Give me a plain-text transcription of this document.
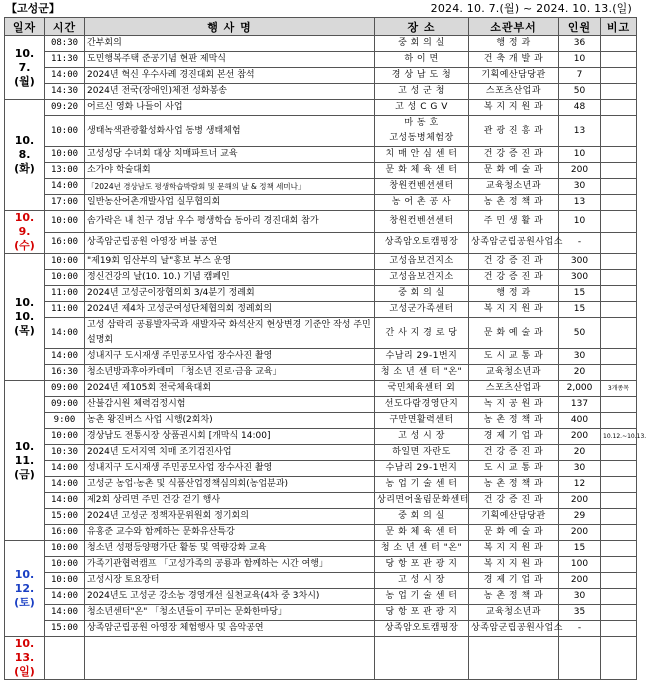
【고성군】	2024. 10. 7.(월) ~ 2024. 10. 13.(일)
일자	시간	행 사 명	장 소	소관부서	인원	비고
10. 7.
(월)	08:30	간부회의	중 회 의 실	행 정 과	36	
	11:30	도민행복주택 준공기념 현판 제막식	하 이 면	건 축 개 발 과	10	
	14:00	2024년 혁신 우수사례 경진대회 본선 참석	경 상 남 도 청	기획예산담당관	7	
	14:30	2024년 전국(장애인)체전 성화봉송	고 성 군 청	스포츠산업과	50	
10. 8.
(화)	09:20	어르신 영화 나들이 사업	고 성 C G V	복 지 지 원 과	48	
	10:00	생태녹색관광활성화사업 동병 생태체험	마 동 호
고성동병체험장	관 광 진 흥 과	13	
	10:00	고성성당 수녀회 대상 치매파트너 교육	치 매 안 심 센 터	건 강 증 진 과	10	
	13:00	소가야 학술대회	문 화 체 육 센 터	문 화 예 술 과	200	
	14:00	「2024년 경상남도 평생학습박람회 및 문해의 날 & 정책 세미나」	창원컨벤션센터	교육청소년과	30	
	17:00	일반농산어촌개발사업 실무협의회	농 어 촌 공 사	농 촌 정 책 과	13	
10. 9.
(수)	10:00	솜가락은 내 친구 경남 우수 평생학습 동아리 경진대회 참가	창원컨벤션센터	주 민 생 활 과	10	
	16:00	상족암군립공원 아영장 버블 공연	상족암오토캠핑장	상족암군립공원사업소	-	
10. 10.
(목)	10:00	"제19회 임산부의 날"홍보 부스 운영	고성읍보건지소	건 강 증 진 과	300	
	10:00	정신건강의 날(10. 10.) 기념 캠페인	고성읍보건지소	건 강 증 진 과	300	
	11:00	2024년 고성군이장협의회 3/4분기 정례회	중 회 의 실	행 정 과	15	
	11:00	2024년 제4차 고성군여성단체협의회 정례회의	고성군가족센터	복 지 지 원 과	15	
	14:00	고성 삼락리 공룡발자국과 새발자국 화석산지 현상변경 기준안 작성 주민설명회	간 사 지 경 로 당	문 화 예 술 과	50	
	14:00	성내지구 도시재생 주민공모사업 장수사진 촬영	수남리 29-1번지	도 시 교 통 과	30	
	16:30	청소년방과후아카데미 「청소년 진로·금융 교육」	청 소 년 센 터 "온"	교육청소년과	20	
10. 11.
(금)	09:00	2024년 제105회 전국체육대회	국민체육센터 외	스포츠산업과	2,000	3개종목
	09:00	산불감시원 체력검정시험	선도다람경영단지	녹 지 공 원 과	137	
	9:00	농촌 왕진버스 사업 시행(2회차)	구만면활력센터	농 촌 정 책 과	400	
	10:00	경상남도 전통시장 상품권시회 [개막식 14:00]	고 성 시 장	경 제 기 업 과	200	10.12.~10.13.
	10:30	2024년 도서지역 치매 조기검진사업	하일면 자란도	건 강 증 진 과	20	
	14:00	성내지구 도시재생 주민공모사업 장수사진 촬영	수남리 29-1번지	도 시 교 통 과	30	
	14:00	고성군 농업·농촌 및 식품산업정책심의회(농업분과)	농 업 기 술 센 터	농 촌 정 책 과	12	
	14:00	제2회 상리면 주민 건강 걷기 행사	상리면어울림문화센터	건 강 증 진 과	200	
	15:00	2024년 고성군 정책자문위원회 정기회의	중 회 의 실	기획예산담당관	29	
	16:00	유홍준 교수와 함께하는 문화유산특강	문 화 체 육 센 터	문 화 예 술 과	200	
10. 12.
(토)	10:00	청소년 성평등양평가단 활동 및 역량강화 교육	청 소 년 센 터 "온"	복 지 지 원 과	15	
	10:00	가족기관협력캠프 「고성가족의 공룡과 함께하는 시간 여행」	당 항 포 관 광 지	복 지 지 원 과	100	
	10:00	고성시장 토요장터	고 성 시 장	경 제 기 업 과	200	
	14:00	2024년도 고성군 강소농 경영개선 실천교육(4차 중 3차시)	농 업 기 술 센 터	농 촌 정 책 과	30	
	14:00	청소년센터"온" 「청소년들이 꾸미는 문화한마당」	당 항 포 관 광 지	교육청소년과	35	
	15:00	상족암군립공원 아영장 체험행사 및 음악공연	상족암오토캠핑장	상족암군립공원사업소	-	
10. 13.
(일)						
